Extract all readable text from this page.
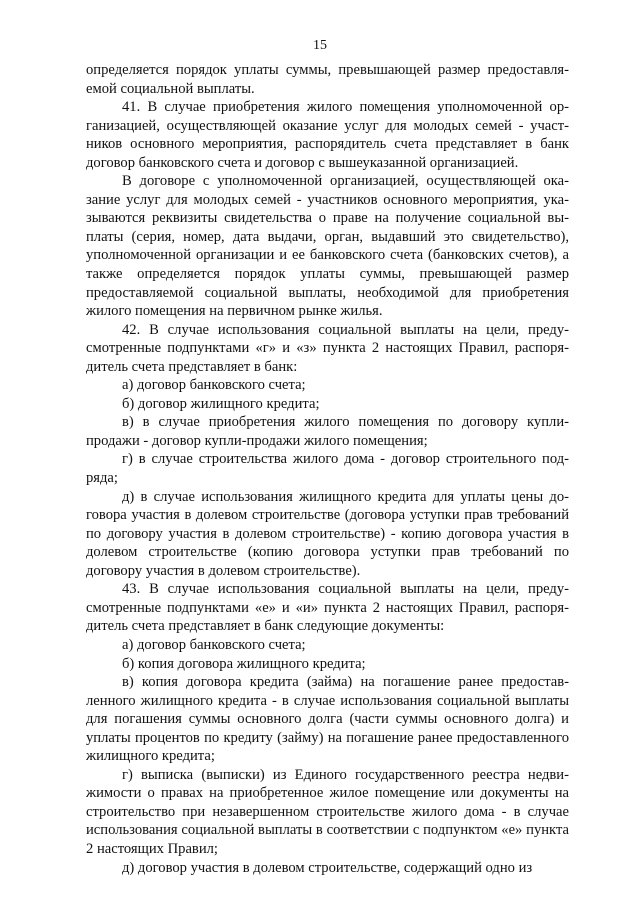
15

определяется порядок уплаты суммы, превышающей размер предоставляемой социальной выплаты.

41. В случае приобретения жилого помещения уполномоченной организацией, осуществляющей оказание услуг для молодых семей - участников основного мероприятия, распорядитель счета представляет в банк договор банковского счета и договор с вышеуказанной организацией.

В договоре с уполномоченной организацией, осуществляющей оказание услуг для молодых семей - участников основного мероприятия, указываются реквизиты свидетельства о праве на получение социальной выплаты (серия, номер, дата выдачи, орган, выдавший это свидетельство), уполномоченной организации и ее банковского счета (банковских счетов), а также определяется порядок уплаты суммы, превышающей размер предоставляемой социальной выплаты, необходимой для приобретения жилого помещения на первичном рынке жилья.

42. В случае использования социальной выплаты на цели, предусмотренные подпунктами «г» и «з» пункта 2 настоящих Правил, распорядитель счета представляет в банк:

а) договор банковского счета;

б) договор жилищного кредита;

в) в случае приобретения жилого помещения по договору купли-продажи - договор купли-продажи жилого помещения;

г) в случае строительства жилого дома - договор строительного подряда;

д) в случае использования жилищного кредита для уплаты цены договора участия в долевом строительстве (договора уступки прав требований по договору участия в долевом строительстве) - копию договора участия в долевом строительстве (копию договора уступки прав требований по договору участия в долевом строительстве).

43. В случае использования социальной выплаты на цели, предусмотренные подпунктами «е» и «и» пункта 2 настоящих Правил, распорядитель счета представляет в банк следующие документы:

а) договор банковского счета;

б) копия договора жилищного кредита;

в) копия договора кредита (займа) на погашение ранее предоставленного жилищного кредита - в случае использования социальной выплаты для погашения суммы основного долга (части суммы основного долга) и уплаты процентов по кредиту (займу) на погашение ранее предоставленного жилищного кредита;

г) выписка (выписки) из Единого государственного реестра недвижимости о правах на приобретенное жилое помещение или документы на строительство при незавершенном строительстве жилого дома - в случае использования социальной выплаты в соответствии с подпунктом «е» пункта 2 настоящих Правил;

д) договор участия в долевом строительстве, содержащий одно из
